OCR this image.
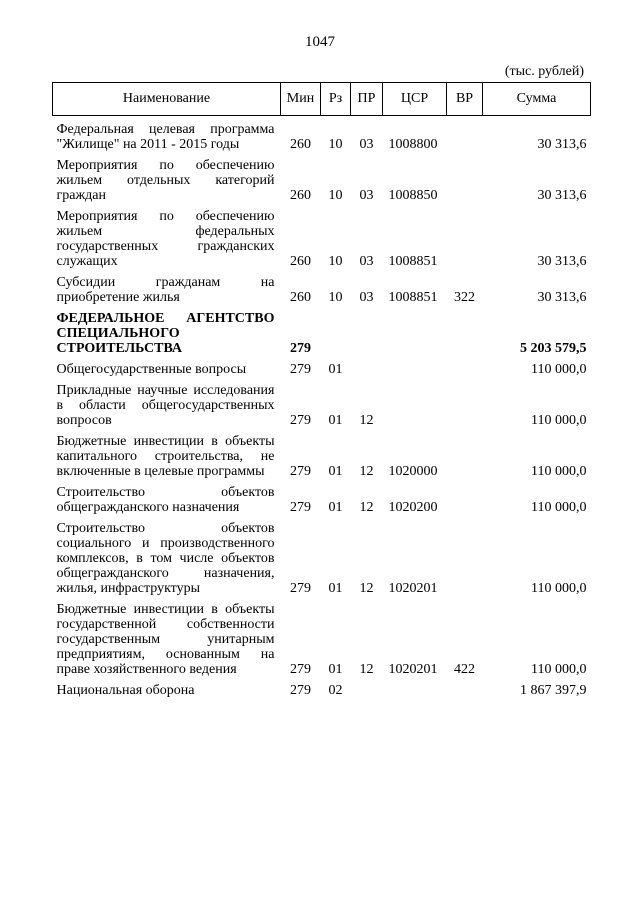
1047
(тыс. рублей)
Наименование	Мин	Рз	ПР	ЦСР	ВР	Сумма
Федеральная целевая программа "Жилище" на 2011 - 2015 годы	260	10	03	1008800		30 313,6
Мероприятия по обеспечению жильем отдельных категорий граждан	260	10	03	1008850		30 313,6
Мероприятия по обеспечению жильем федеральных государственных гражданских служащих	260	10	03	1008851		30 313,6
Субсидии гражданам на приобретение жилья	260	10	03	1008851	322	30 313,6
ФЕДЕРАЛЬНОЕ АГЕНТСТВО СПЕЦИАЛЬНОГО СТРОИТЕЛЬСТВА	279					5 203 579,5
Общегосударственные вопросы	279	01				110 000,0
Прикладные научные исследования в области общегосударственных вопросов	279	01	12			110 000,0
Бюджетные инвестиции в объекты капитального строительства, не включенные в целевые программы	279	01	12	1020000		110 000,0
Строительство объектов общегражданского назначения	279	01	12	1020200		110 000,0
Строительство объектов социального и производственного комплексов, в том числе объектов общегражданского назначения, жилья, инфраструктуры	279	01	12	1020201		110 000,0
Бюджетные инвестиции в объекты государственной собственности государственным унитарным предприятиям, основанным на праве хозяйственного ведения	279	01	12	1020201	422	110 000,0
Национальная оборона	279	02				1 867 397,9
